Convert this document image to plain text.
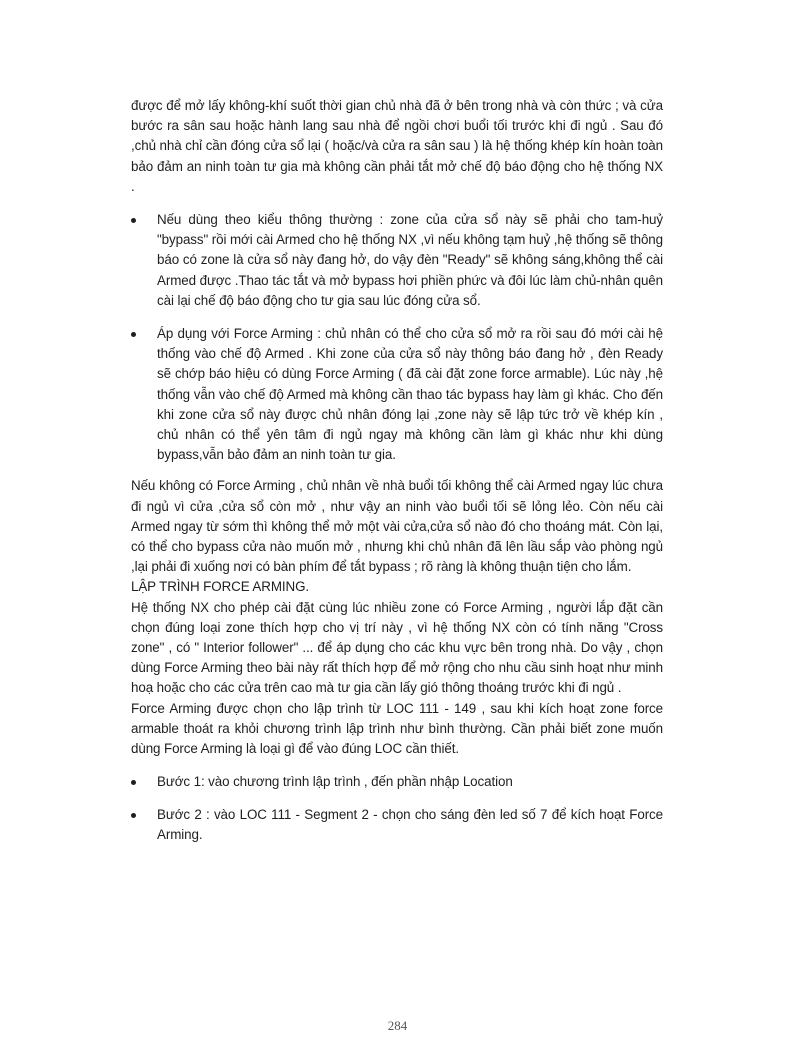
được để mở lấy không-khí suốt thời gian chủ nhà đã ở bên trong nhà và còn thức ; và cửa bước ra sân sau hoặc hành lang sau nhà để ngồi chơi buổi tối trước khi đi ngủ . Sau đó ,chủ nhà chỉ cần đóng cửa sổ lại ( hoặc/và cửa ra sân sau ) là hệ thống khép kín hoàn toàn bảo đảm an ninh toàn tư gia mà không cần phải tắt mở chế độ báo động cho hệ thống NX .

Nếu dùng theo kiểu thông thường : zone của cửa sổ này sẽ phải cho tam-huỷ "bypass" rồi mới cài Armed cho hệ thống NX ,vì nếu không tạm huỷ ,hệ thống sẽ thông báo có zone là cửa sổ này đang hở, do vậy đèn "Ready" sẽ không sáng,không thể cài Armed được .Thao tác tắt và mở bypass hơi phiền phức và đôi lúc làm chủ-nhân quên cài lại chế độ báo động cho tư gia sau lúc đóng cửa sổ.
Áp dụng với Force Arming : chủ nhân có thể cho cửa sổ mở ra rồi sau đó mới cài hệ thống vào chế độ Armed . Khi zone của cửa sổ này thông báo đang hở , đèn Ready sẽ chớp báo hiệu có dùng Force Arming ( đã cài đặt zone force armable). Lúc này ,hệ thống vẫn vào chế độ Armed mà không cần thao tác bypass hay làm gì khác. Cho đến khi zone cửa sổ này được chủ nhân đóng lại ,zone này sẽ lập tức trở về khép kín , chủ nhân có thể yên tâm đi ngủ ngay mà không cần làm gì khác như khi dùng bypass,vẫn bảo đảm an ninh toàn tư gia.

Nếu không có Force Arming , chủ nhân về nhà buổi tối không thể cài Armed ngay lúc chưa đi ngủ vì cửa ,cửa sổ còn mở , như vậy an ninh vào buổi tối sẽ lỏng lẻo. Còn nếu cài Armed ngay từ sớm thì không thể mở một vài cửa,cửa sổ nào đó cho thoáng mát. Còn lại, có thể cho bypass cửa nào muốn mở , nhưng khi chủ nhân đã lên lầu sắp vào phòng ngủ ,lại phải đi xuống nơi có bàn phím để tắt bypass ; rõ ràng là không thuận tiện cho lắm.

LẬP TRÌNH FORCE ARMING.

Hệ thống NX cho phép cài đặt cùng lúc nhiều zone có Force Arming , người lắp đặt cần chọn đúng loại zone thích hợp cho vị trí này , vì hệ thống NX còn có tính năng "Cross zone" , có " Interior follower" ... để áp dụng cho các khu vực bên trong nhà. Do vậy , chọn dùng Force Arming theo bài này rất thích hợp để mở rộng cho nhu cầu sinh hoạt như minh hoạ hoặc cho các cửa trên cao mà tư gia cần lấy gió thông thoáng trước khi đi ngủ .

Force Arming được chọn cho lập trình từ LOC 111 - 149 , sau khi kích hoạt zone force armable thoát ra khỏi chương trình lập trình như bình thường. Cần phải biết zone muốn dùng Force Arming là loại gì để vào đúng LOC cần thiết.

Bước 1: vào chương trình lập trình , đến phần nhập Location
Bước 2 : vào LOC 111 - Segment 2 - chọn cho sáng đèn led số 7 để kích hoạt Force Arming.
284
